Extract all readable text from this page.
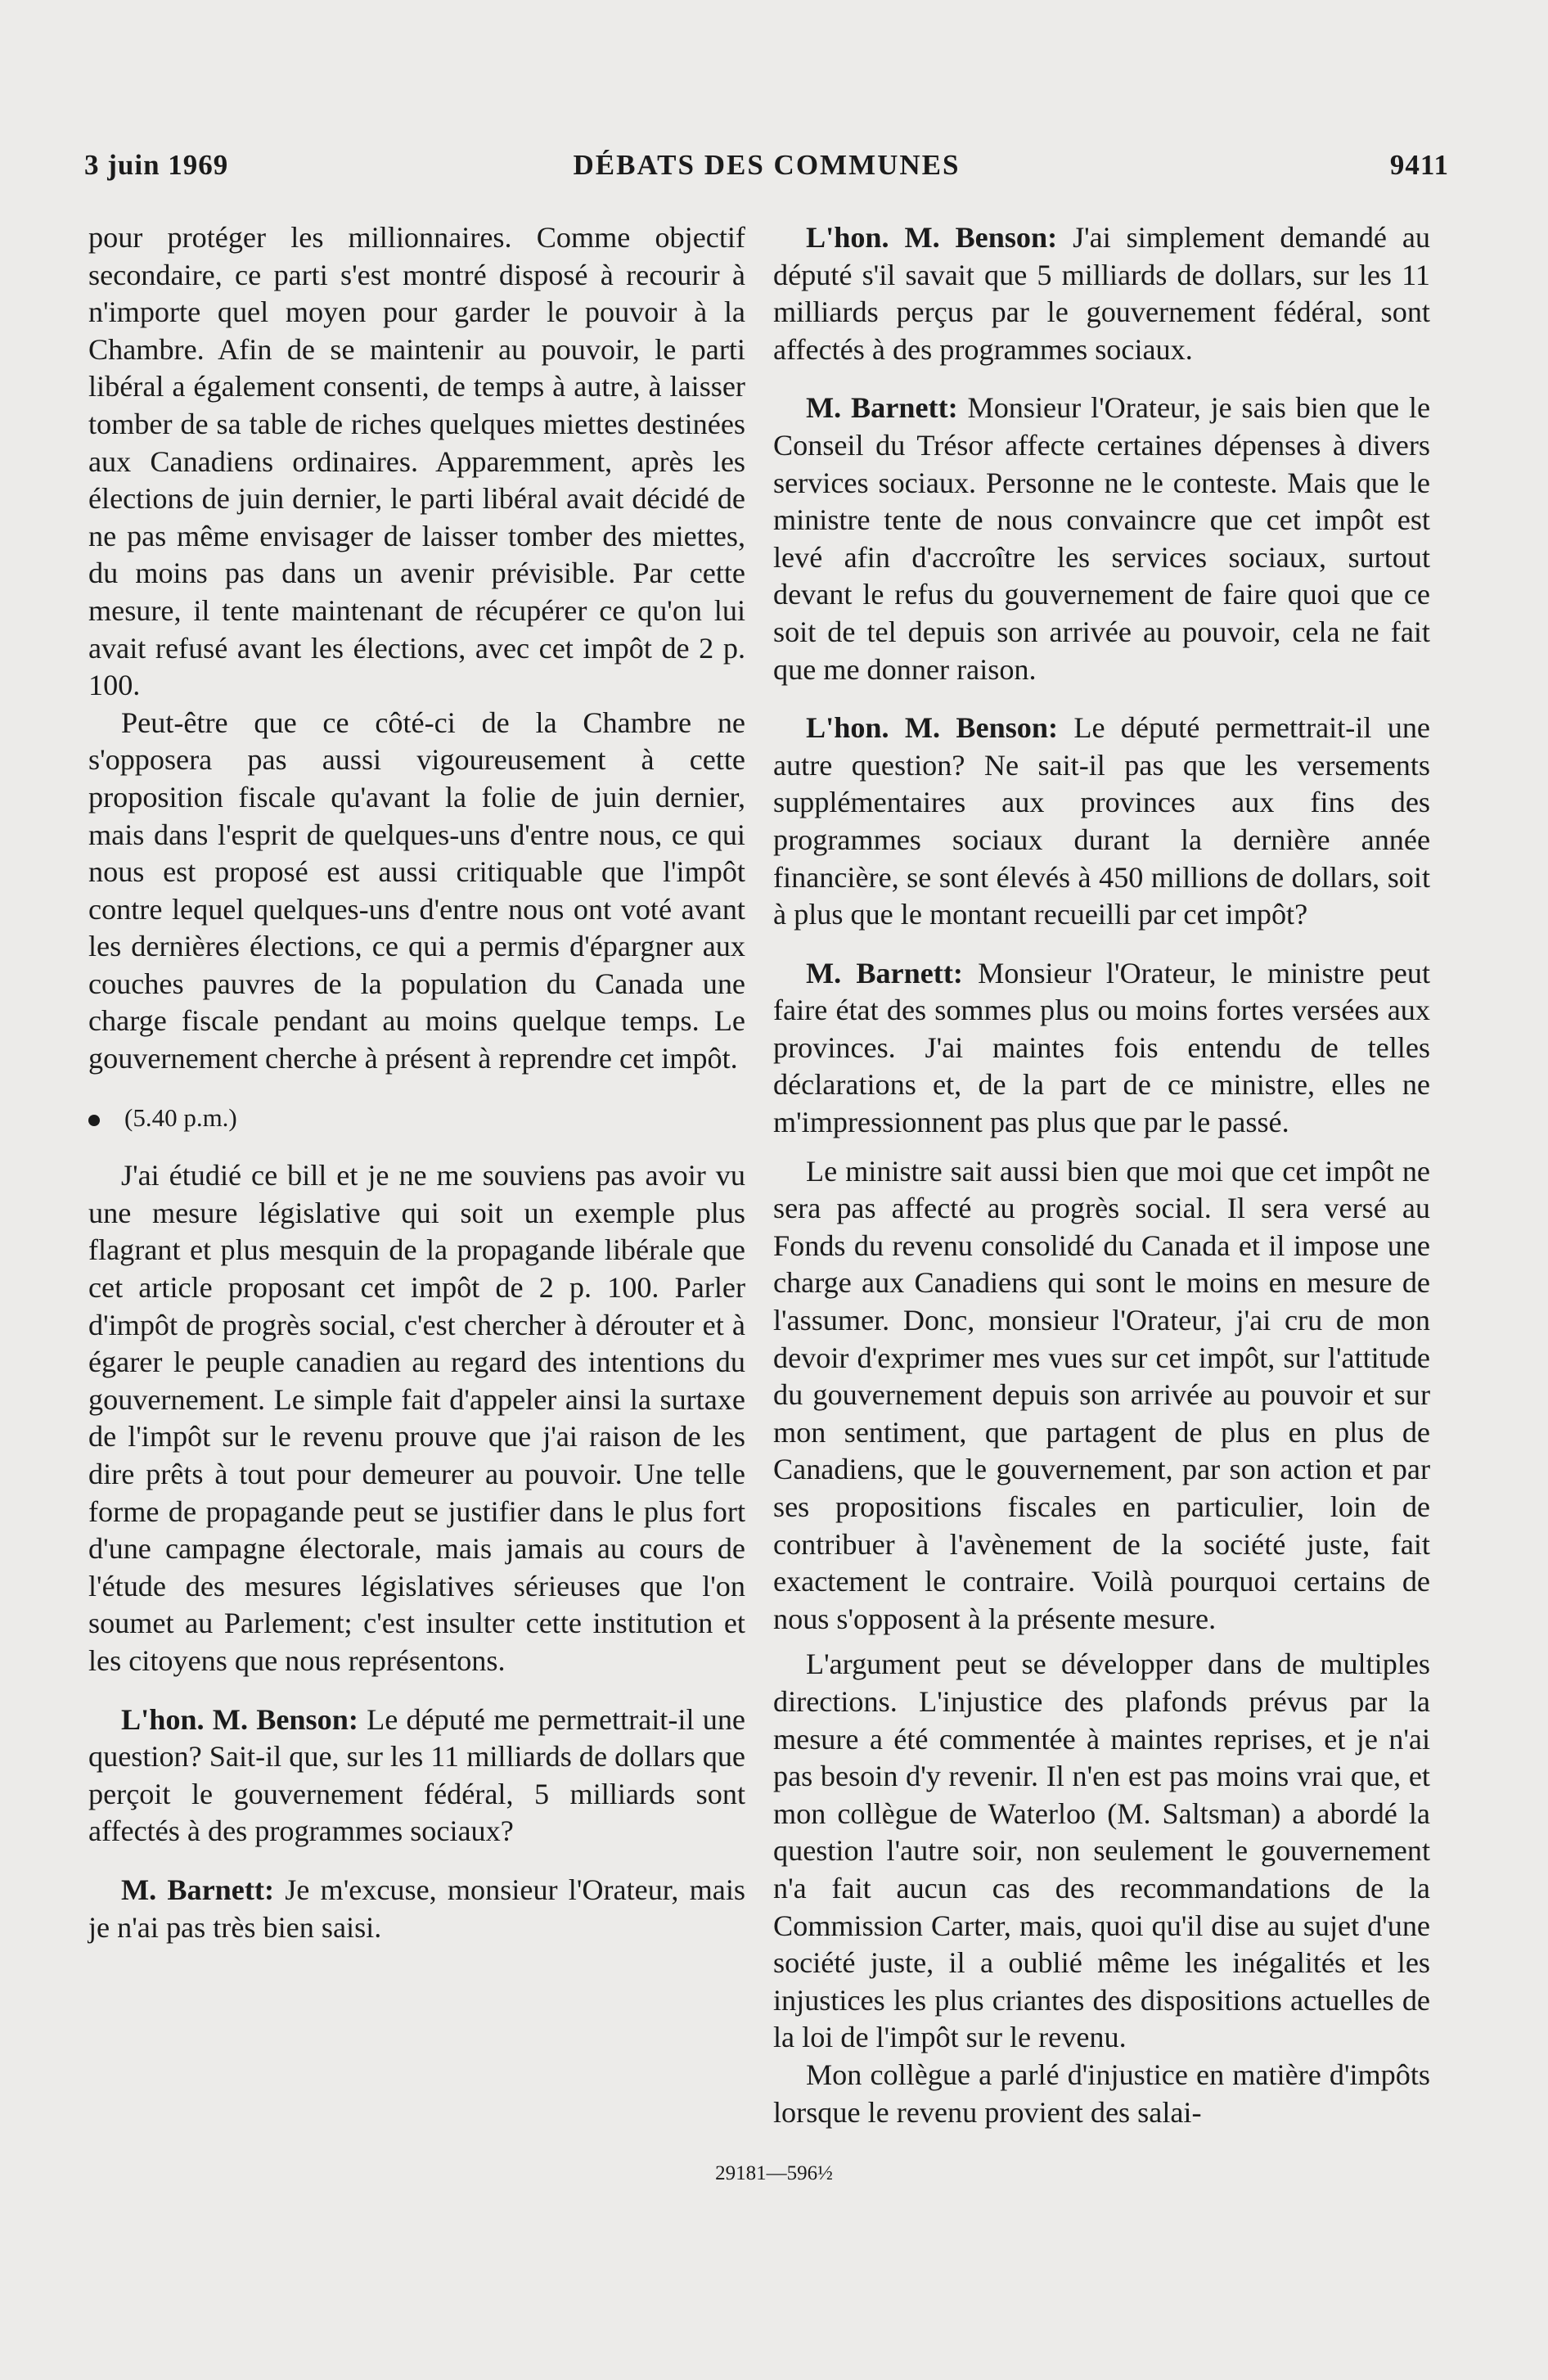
3 juin 1969	DÉBATS DES COMMUNES	9411

pour protéger les millionnaires. Comme objectif secondaire, ce parti s'est montré disposé à recourir à n'importe quel moyen pour garder le pouvoir à la Chambre. Afin de se maintenir au pouvoir, le parti libéral a également consenti, de temps à autre, à laisser tomber de sa table de riches quelques miettes destinées aux Canadiens ordinaires. Apparemment, après les élections de juin dernier, le parti libéral avait décidé de ne pas même envisager de laisser tomber des miettes, du moins pas dans un avenir prévisible. Par cette mesure, il tente maintenant de récupérer ce qu'on lui avait refusé avant les élections, avec cet impôt de 2 p. 100.

Peut-être que ce côté-ci de la Chambre ne s'opposera pas aussi vigoureusement à cette proposition fiscale qu'avant la folie de juin dernier, mais dans l'esprit de quelques-uns d'entre nous, ce qui nous est proposé est aussi critiquable que l'impôt contre lequel quelques-uns d'entre nous ont voté avant les dernières élections, ce qui a permis d'épargner aux couches pauvres de la population du Canada une charge fiscale pendant au moins quelque temps. Le gouvernement cherche à présent à reprendre cet impôt.

(5.40 p.m.)

J'ai étudié ce bill et je ne me souviens pas avoir vu une mesure législative qui soit un exemple plus flagrant et plus mesquin de la propagande libérale que cet article proposant cet impôt de 2 p. 100. Parler d'impôt de progrès social, c'est chercher à dérouter et à égarer le peuple canadien au regard des intentions du gouvernement. Le simple fait d'appeler ainsi la surtaxe de l'impôt sur le revenu prouve que j'ai raison de les dire prêts à tout pour demeurer au pouvoir. Une telle forme de propagande peut se justifier dans le plus fort d'une campagne électorale, mais jamais au cours de l'étude des mesures législatives sérieuses que l'on soumet au Parlement; c'est insulter cette institution et les citoyens que nous représentons.

L'hon. M. Benson: Le député me permettrait-il une question? Sait-il que, sur les 11 milliards de dollars que perçoit le gouvernement fédéral, 5 milliards sont affectés à des programmes sociaux?

M. Barnett: Je m'excuse, monsieur l'Orateur, mais je n'ai pas très bien saisi.

L'hon. M. Benson: J'ai simplement demandé au député s'il savait que 5 milliards de dollars, sur les 11 milliards perçus par le gouvernement fédéral, sont affectés à des programmes sociaux.

M. Barnett: Monsieur l'Orateur, je sais bien que le Conseil du Trésor affecte certaines dépenses à divers services sociaux. Personne ne le conteste. Mais que le ministre tente de nous convaincre que cet impôt est levé afin d'accroître les services sociaux, surtout devant le refus du gouvernement de faire quoi que ce soit de tel depuis son arrivée au pouvoir, cela ne fait que me donner raison.

L'hon. M. Benson: Le député permettrait-il une autre question? Ne sait-il pas que les versements supplémentaires aux provinces aux fins des programmes sociaux durant la dernière année financière, se sont élevés à 450 millions de dollars, soit à plus que le montant recueilli par cet impôt?

M. Barnett: Monsieur l'Orateur, le ministre peut faire état des sommes plus ou moins fortes versées aux provinces. J'ai maintes fois entendu de telles déclarations et, de la part de ce ministre, elles ne m'impressionnent pas plus que par le passé.

Le ministre sait aussi bien que moi que cet impôt ne sera pas affecté au progrès social. Il sera versé au Fonds du revenu consolidé du Canada et il impose une charge aux Canadiens qui sont le moins en mesure de l'assumer. Donc, monsieur l'Orateur, j'ai cru de mon devoir d'exprimer mes vues sur cet impôt, sur l'attitude du gouvernement depuis son arrivée au pouvoir et sur mon sentiment, que partagent de plus en plus de Canadiens, que le gouvernement, par son action et par ses propositions fiscales en particulier, loin de contribuer à l'avènement de la société juste, fait exactement le contraire. Voilà pourquoi certains de nous s'opposent à la présente mesure.

L'argument peut se développer dans de multiples directions. L'injustice des plafonds prévus par la mesure a été commentée à maintes reprises, et je n'ai pas besoin d'y revenir. Il n'en est pas moins vrai que, et mon collègue de Waterloo (M. Saltsman) a abordé la question l'autre soir, non seulement le gouvernement n'a fait aucun cas des recommandations de la Commission Carter, mais, quoi qu'il dise au sujet d'une société juste, il a oublié même les inégalités et les injustices les plus criantes des dispositions actuelles de la loi de l'impôt sur le revenu.

Mon collègue a parlé d'injustice en matière d'impôts lorsque le revenu provient des salai-

29181—596½
